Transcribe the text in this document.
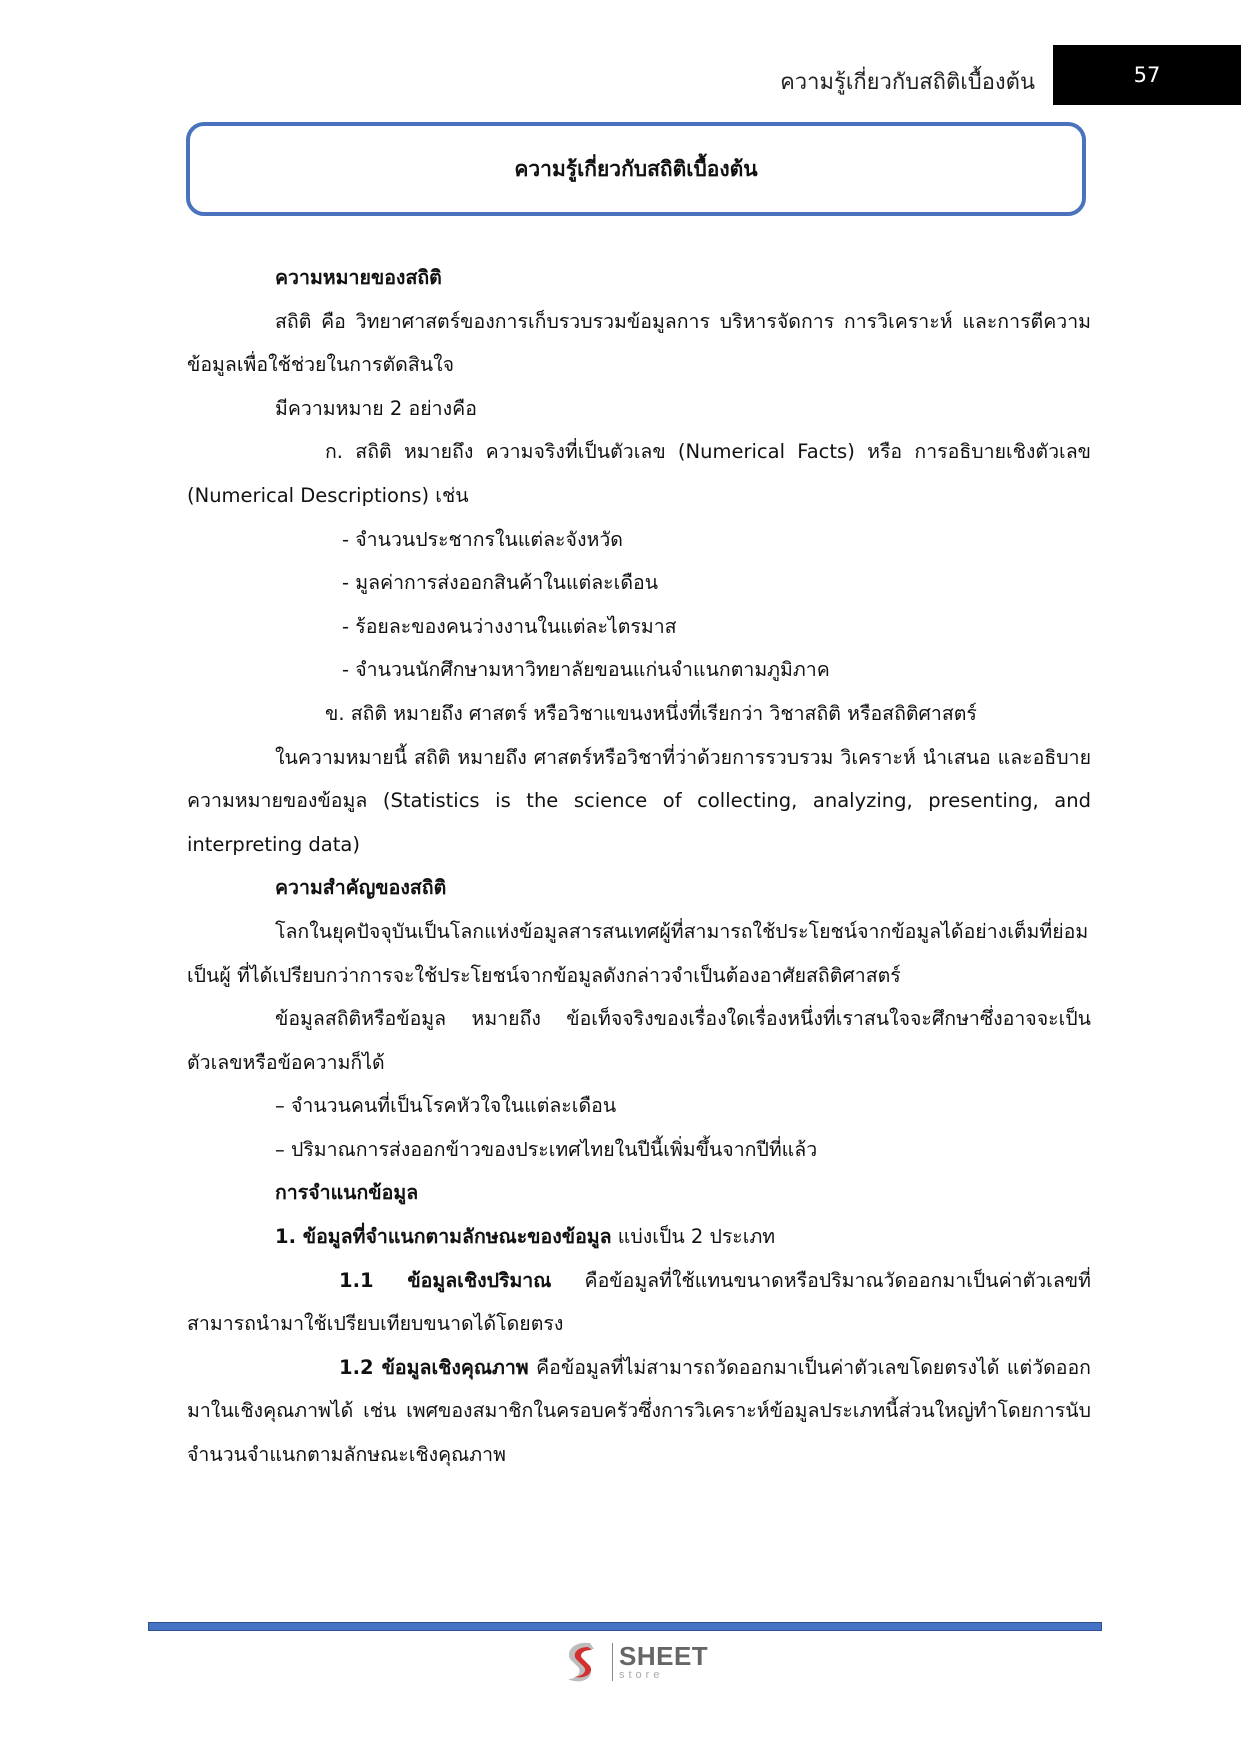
ความรู้เกี่ยวกับสถิติเบื้องต้น	57
ความรู้เกี่ยวกับสถิติเบื้องต้น

ความหมายของสถิติ

สถิติ คือ วิทยาศาสตร์ของการเก็บรวบรวมข้อมูลการ บริหารจัดการ การวิเคราะห์ และการตีความข้อมูลเพื่อใช้ช่วยในการตัดสินใจ

มีความหมาย 2 อย่างคือ

ก. สถิติ หมายถึง ความจริงที่เป็นตัวเลข (Numerical Facts) หรือ การอธิบายเชิงตัวเลข (Numerical Descriptions) เช่น

- จำนวนประชากรในแต่ละจังหวัด

- มูลค่าการส่งออกสินค้าในแต่ละเดือน

- ร้อยละของคนว่างงานในแต่ละไตรมาส

- จำนวนนักศึกษามหาวิทยาลัยขอนแก่นจำแนกตามภูมิภาค

ข. สถิติ หมายถึง ศาสตร์ หรือวิชาแขนงหนึ่งที่เรียกว่า วิชาสถิติ หรือสถิติศาสตร์

ในความหมายนี้ สถิติ หมายถึง ศาสตร์หรือวิชาที่ว่าด้วยการรวบรวม วิเคราะห์ นำเสนอ และอธิบายความหมายของข้อมูล (Statistics is the science of collecting, analyzing, presenting, and interpreting data)

ความสำคัญของสถิติ

โลกในยุคปัจจุบันเป็นโลกแห่งข้อมูลสารสนเทศผู้ที่สามารถใช้ประโยชน์จากข้อมูลได้อย่างเต็มที่ย่อมเป็นผู้ ที่ได้เปรียบกว่าการจะใช้ประโยชน์จากข้อมูลดังกล่าวจำเป็นต้องอาศัยสถิติศาสตร์

ข้อมูลสถิติหรือข้อมูล หมายถึง ข้อเท็จจริงของเรื่องใดเรื่องหนึ่งที่เราสนใจจะศึกษาซึ่งอาจจะเป็นตัวเลขหรือข้อความก็ได้

– จำนวนคนที่เป็นโรคหัวใจในแต่ละเดือน

– ปริมาณการส่งออกข้าวของประเทศไทยในปีนี้เพิ่มขึ้นจากปีที่แล้ว

การจำแนกข้อมูล

1. ข้อมูลที่จำแนกตามลักษณะของข้อมูล แบ่งเป็น 2 ประเภท

1.1 ข้อมูลเชิงปริมาณ คือข้อมูลที่ใช้แทนขนาดหรือปริมาณวัดออกมาเป็นค่าตัวเลขที่สามารถนำมาใช้เปรียบเทียบขนาดได้โดยตรง

1.2 ข้อมูลเชิงคุณภาพ คือข้อมูลที่ไม่สามารถวัดออกมาเป็นค่าตัวเลขโดยตรงได้ แต่วัดออกมาในเชิงคุณภาพได้ เช่น เพศของสมาชิกในครอบครัวซึ่งการวิเคราะห์ข้อมูลประเภทนี้ส่วนใหญ่ทำโดยการนับจำนวนจำแนกตามลักษณะเชิงคุณภาพ

SHEET
store
